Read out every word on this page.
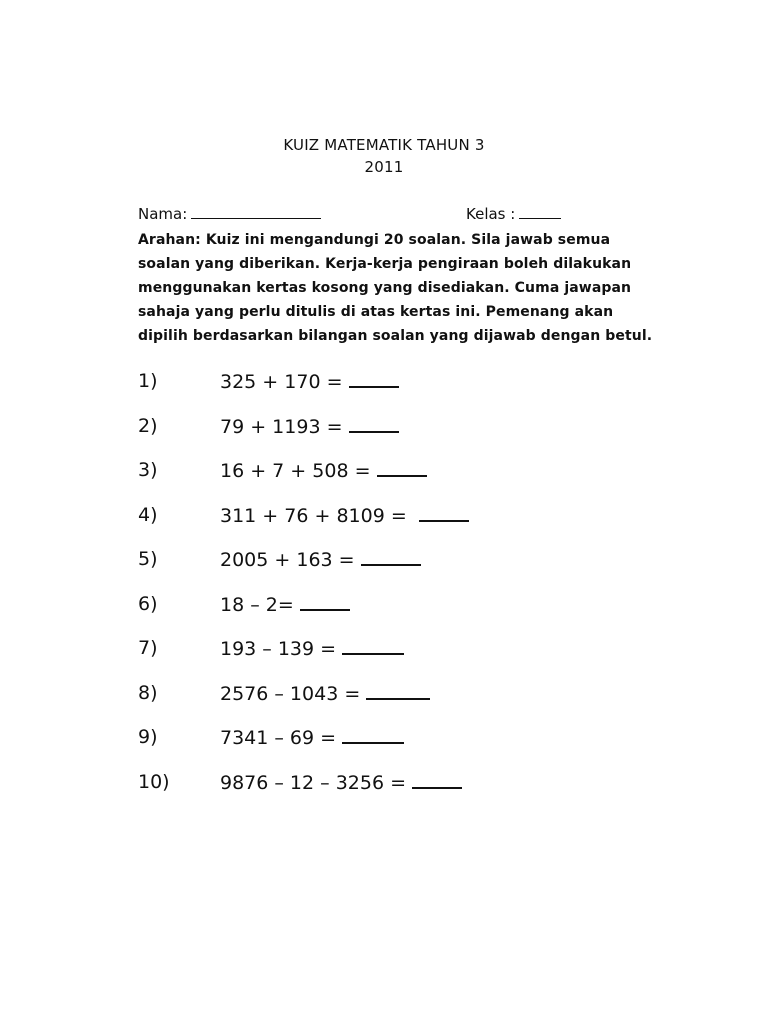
KUIZ MATEMATIK TAHUN 3
2011
Nama:	Kelas :
Arahan: Kuiz ini mengandungi 20 soalan. Sila jawab semua
soalan yang diberikan. Kerja-kerja pengiraan boleh dilakukan
menggunakan kertas kosong yang disediakan. Cuma jawapan
sahaja yang perlu ditulis di atas kertas ini. Pemenang akan
dipilih berdasarkan bilangan soalan yang dijawab dengan betul.
1)	325 + 170 =
2)	79 + 1193 =
3)	16 + 7 + 508 =
4)	311 + 76 + 8109 =
5)	2005 + 163 =
6)	18 – 2=
7)	193 – 139 =
8)	2576 – 1043 =
9)	7341 – 69 =
10)	9876 – 12 – 3256 =
